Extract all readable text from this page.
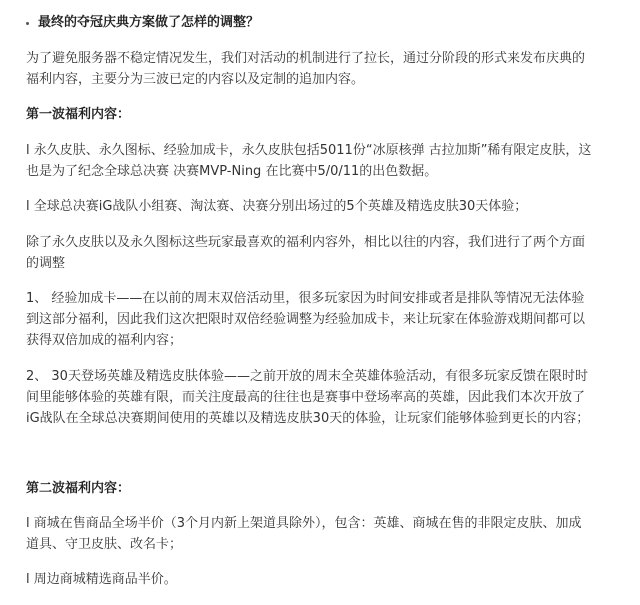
最终的夺冠庆典方案做了怎样的调整？
为了避免服务器不稳定情况发生，我们对活动的机制进行了拉长，通过分阶段的形式来发布庆典的
福利内容，主要分为三波已定的内容以及定制的追加内容。
第一波福利内容：
l 永久皮肤、永久图标、经验加成卡，永久皮肤包括5011份“冰原核弹 古拉加斯”稀有限定皮肤，这
也是为了纪念全球总决赛 决赛MVP-Ning 在比赛中5/0/11的出色数据。
l 全球总决赛iG战队小组赛、淘汰赛、决赛分别出场过的5个英雄及精选皮肤30天体验；
除了永久皮肤以及永久图标这些玩家最喜欢的福利内容外，相比以往的内容，我们进行了两个方面
的调整
1、 经验加成卡——在以前的周末双倍活动里，很多玩家因为时间安排或者是排队等情况无法体验
到这部分福利，因此我们这次把限时双倍经验调整为经验加成卡，来让玩家在体验游戏期间都可以
获得双倍加成的福利内容；
2、 30天登场英雄及精选皮肤体验——之前开放的周末全英雄体验活动，有很多玩家反馈在限时时
间里能够体验的英雄有限，而关注度最高的往往也是赛事中登场率高的英雄，因此我们本次开放了
iG战队在全球总决赛期间使用的英雄以及精选皮肤30天的体验，让玩家们能够体验到更长的内容；
第二波福利内容：
l 商城在售商品全场半价（3个月内新上架道具除外），包含：英雄、商城在售的非限定皮肤、加成
道具、守卫皮肤、改名卡；
l 周边商城精选商品半价。
